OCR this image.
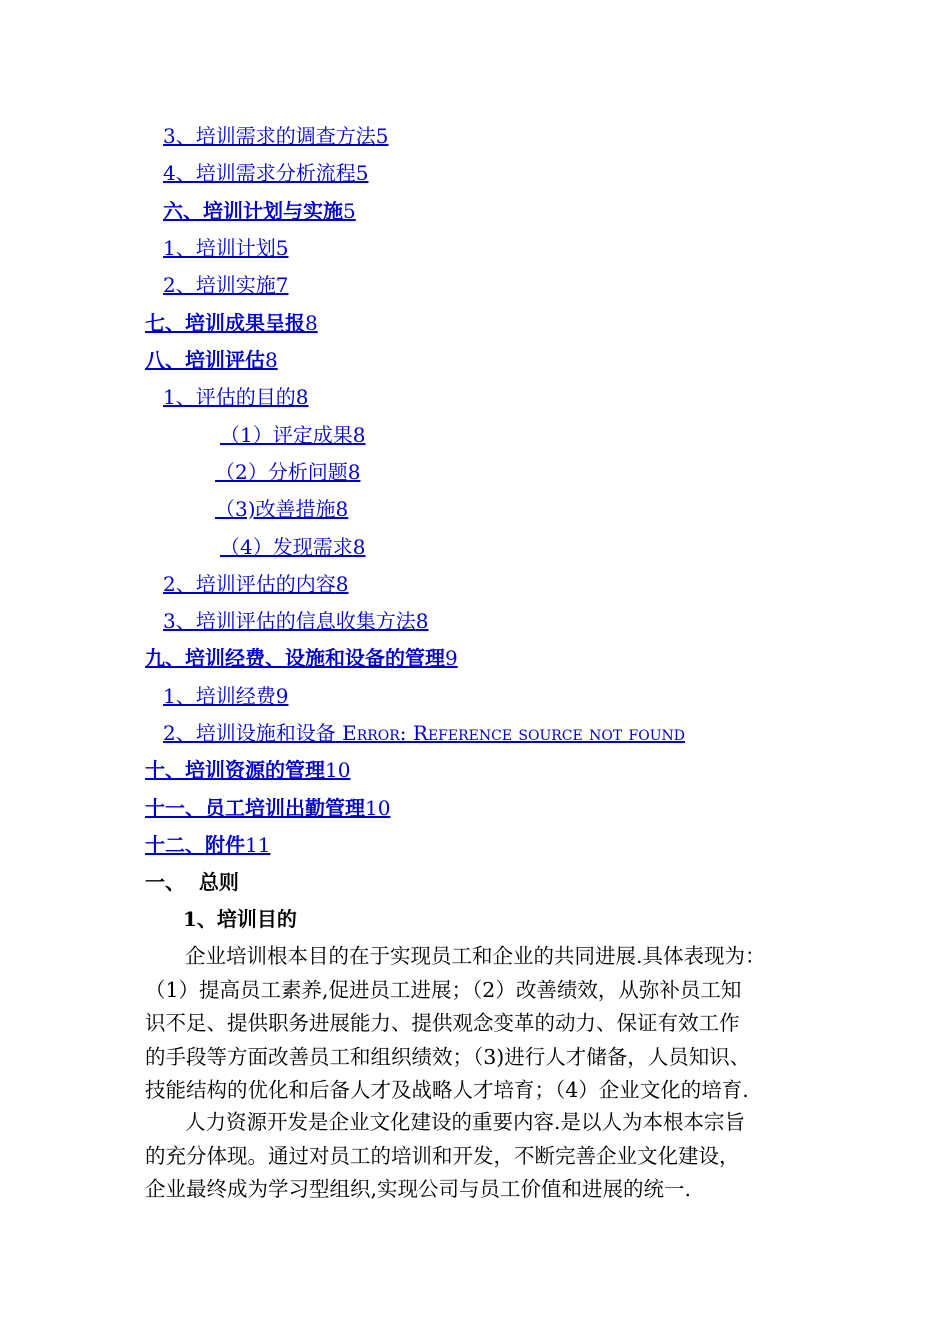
3、培训需求的调查方法5
4、培训需求分析流程5
六、培训计划与实施5
1、培训计划5
2、培训实施7
七、培训成果呈报8
八、培训评估8
1、评估的目的8
（1）评定成果8
（2）分析问题8
（3)改善措施8
（4）发现需求8
2、培训评估的内容8
3、培训评估的信息收集方法8
九、培训经费、设施和设备的管理9
1、培训经费9
2、培训设施和设备 Error: Reference source not found
十、培训资源的管理10
十一、员工培训出勤管理10
十二、附件11
一、  总则
1、培训目的
企业培训根本目的在于实现员工和企业的共同进展.具体表现为：
（1）提高员工素养,促进员工进展；（2）改善绩效，从弥补员工知
识不足、提供职务进展能力、提供观念变革的动力、保证有效工作
的手段等方面改善员工和组织绩效；（3)进行人才储备，人员知识、
技能结构的优化和后备人才及战略人才培育；（4）企业文化的培育.
人力资源开发是企业文化建设的重要内容.是以人为本根本宗旨
的充分体现。通过对员工的培训和开发，不断完善企业文化建设，
企业最终成为学习型组织,实现公司与员工价值和进展的统一.
